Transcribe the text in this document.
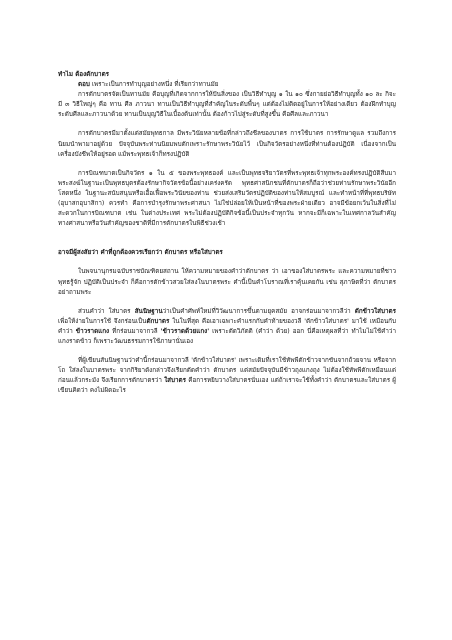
ทำไม ต้องตักบาตร

ตอบ เพราะเป็นการทำบุญอย่างหนึ่ง ที่เรียกว่าทานมัย

การตักบาตรจัดเป็นทานมัย คือบุญที่เกิดจากการให้ปันสิ่งของ เป็นวิธีทำบุญ ๑ ใน ๑๐ ซึ่งกายย่อวิธีทำบุญทั้ง ๑๐ ละ กิจะมี ๓ วิธีใหญ่ๆ คือ ทาน ศีล ภาวนา ทานเป็นวิธีทำบุญที่สำคัญในระดับพื้นๆ แต่ต้องไม่ติดอยู่ในการให้อย่างเดียว ต้องฝึกทำบุญระดับศีลและภาวนาด้วย ทานเป็นบุญวิธีในเบื้องต้นเท่านั้น ต้องก้าวไปสู่ระดับที่สูงขึ้น คือศีลและภาวนา

การตักบาตรมีมาตั้งแต่สมัยพุทธกาล มีพระวินัยหลายข้อที่กล่าวถึงชีลของบาตร การใช้บาตร การรักษาดูแล รวมถึงการนิยมนำพามาอยู่ด้วย ปัจจุบันพระท่านนิยมพบตักเพราะรักษาพระวินัยไว้ เป็นกิจวัตรอย่างหนึ่งที่ท่านต้องปฏิบัติ เนื่องจากเป็นเครื่องบังชีพให้อยู่รอด แม้พระพุทธเจ้าก็ทรงปฏิบัติ

การบิณฑบาตเป็นกิจวัตร ๑ ใน ๕ ของพระพุทธองค์ และเป็นพุทธจริยาวัตรที่พระพุทธเจ้าทุกพระองค์ทรงปฏิบัติสืบมา พระสงฆ์ในฐานะเป็นพุทธบุตรต้องรักษากิจวัตรข้อนี้อย่างเคร่งครัด พุทธศาสนิกชนที่ตักบาตรก็ถือว่าช่วยท่านรักษาพระวินัยอีกโสดหนึ่ง ในฐานะสนับสนุนหรือเอื้อเฟื้อพระวินัยของท่าน ช่วยส่งเสริมวัตรปฏิบัติของท่านให้สมบูรณ์ และทำหน้าที่ที่พุทธบริษัท (อุบาสกอุบาสิกา) ควรทำ คือการบำรุงรักษาพระศาสนา ไม่ใช่ปล่อยให้เป็นหน้าที่ของพระฝ่ายเดียว อาจมีข้อยกเว้นในสิ่งที่ไม่สะดวกในการบิณฑบาต เช่น ในต่างประเทศ พระไม่ต้องปฏิบัติกิจข้อนี้เป็นประจำทุกวัน หากจะมีก็เฉพาะในเทศกาลวันสำคัญทางศาสนาหรือวันสำคัญของชาติที่มีการตักบาตรในพิธีช่วงเช้า

อาจมีผู้สงสัยว่า คำที่ถูกต้องควรเรียกว่า ตักบาตร หรือใส่บาตร

ในพจนานุกรมฉบับราชบัณฑิตยสถาน ให้ความหมายของคำว่าตักบาตร ว่า เอาของใส่บาตรพระ และความหมายที่ชาวพุทธรู้จัก ปฏิบัติเป็นประจำ ก็คือการตักข้าวสวยใส่ลงในบาตรพระ คำนี้เป็นคำโบราณที่เราคุ้นเคยกัน เช่น สุภาษิตที่ว่า ตักบาตรอย่าถามพระ

ส่วนคำว่า ใส่บาตร สันนิษฐานว่าเป็นคำศัพท์ใหม่ที่วิวัฒนาการขึ้นตามยุคสมัย อาจกร่อนมาจากวลีว่า ตักข้าวใส่บาตร เพื่อให้ง่ายในการใช้ จึงกร่อนเป็นตักบาตร ในในที่สุด คือเอาเฉพาะคำแรกกับคำท้ายของวลี 'ตักข้าวใส่บาตร' มาใช้ เหมือนกับคำว่า ข้าวราดแกง ที่กร่อนมาจากวลี 'ข้าวราดด้วยแกง' เพราะตัดวิภัตติ (คำว่า ด้วย) ออก นี่คือเหตุผลที่ว่า ทำไมไม่ใช้คำว่า แกงราดข้าว ก็เพราะวัฒนธรรมการใช้ภาษานั่นเอง

ที่ผู้เขียนสันนิษฐานว่าคำนี้กร่อนมาจากวลี 'ตักข้าวใส่บาตร' เพราะเดิมที่เราใช้ทัพพีตักข้าวจากขันจากถ้วยจาน หรือจากโถ ใส่ลงในบาตรพระ จากกิริยาดังกล่าวจึงเรียกตัดคำว่า ตักบาตร แต่สมัยปัจจุบันมีข้าวถุงแกงถุง ไม่ต้องใช้ทัพพีตักเหมือนแต่ก่อนแล้วกระมัง จึงเรียกการตักบาตรว่า ใส่บาตร คือการหยิบวางใส่บาตรนั่นเอง แต่ถ้าเราจะใช้ทั้งคำว่า ตักบาตรและใส่บาตร ผู้เขียนคิดว่า คงไม่ผิดอะไร
